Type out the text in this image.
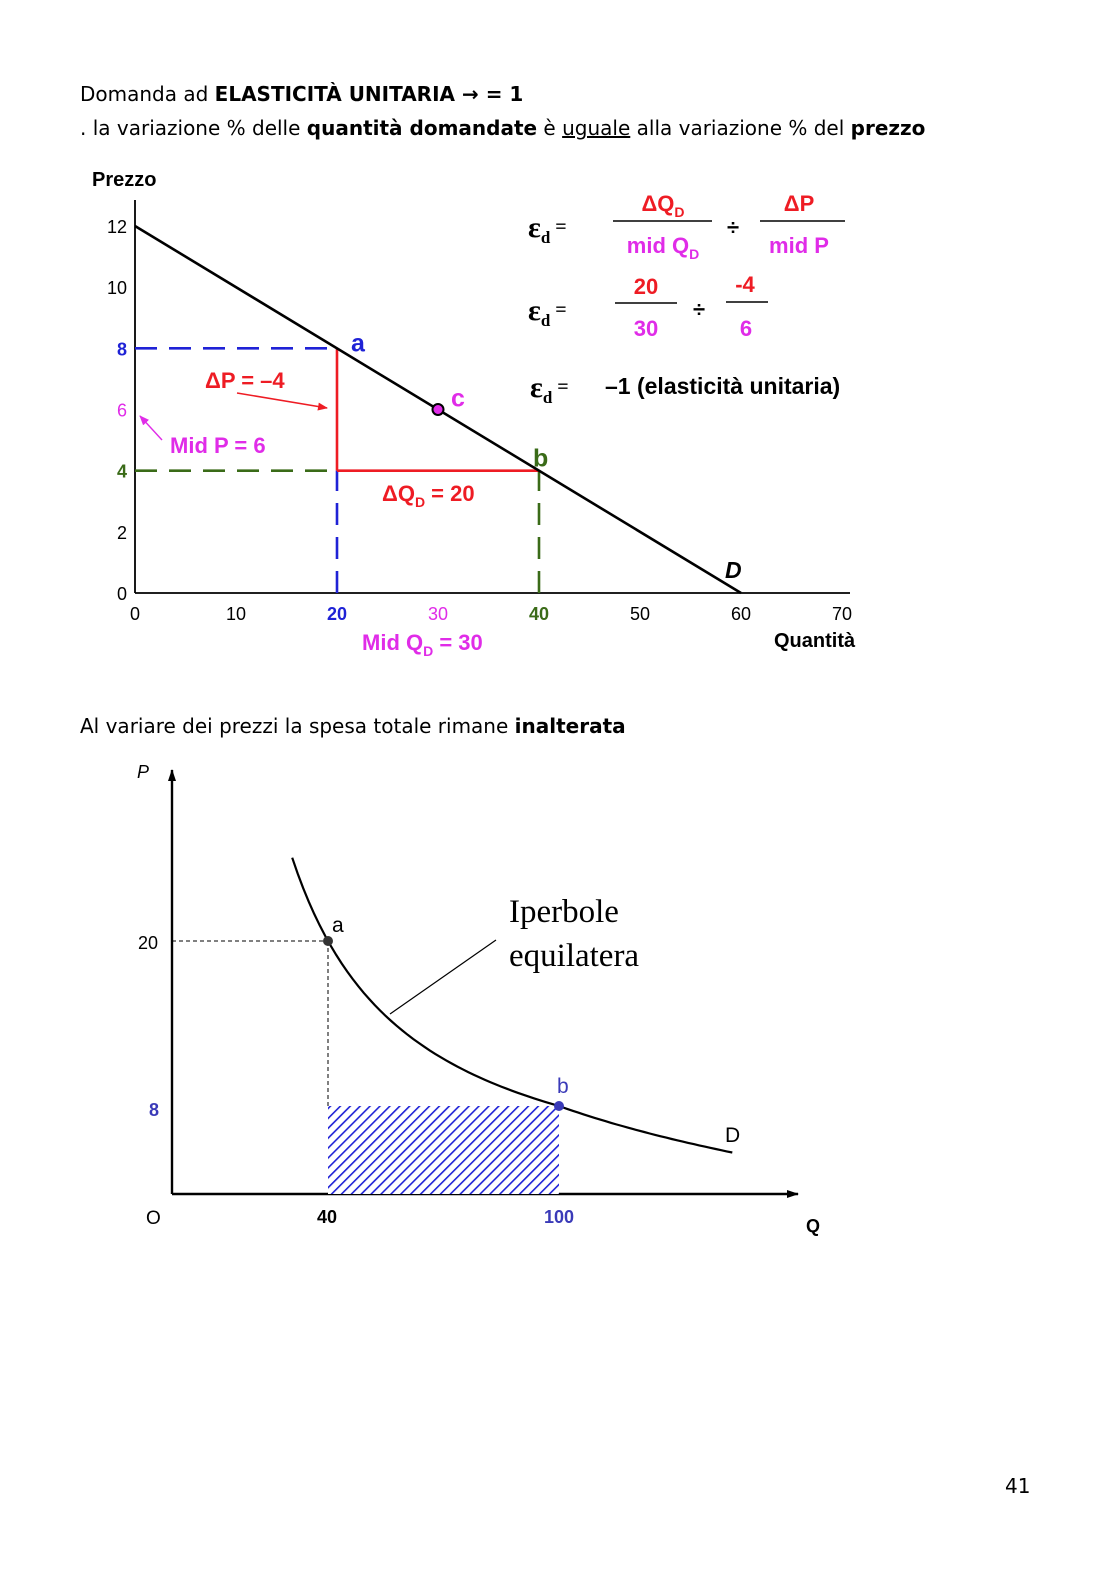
Domanda ad ELASTICITÀ UNITARIA → = 1
. la variazione % delle quantità domandate è uguale alla variazione % del prezzo
Prezzo
Quantità
0	10	20	30	40	50	60	70
0
2
4
6
8
10
12
a
b
c
D
ΔP = –4
$\Delta Q_D = 20$
Mid P = 6
Mid $Q_D = 30$
$\varepsilon_d$ =
$\Delta Q_D$
mid $Q_D$
÷
ΔP
mid P
$\varepsilon_d$ =
20
30
÷
-4
6
$\varepsilon_d$ = –1 (elasticità unitaria)
P
Q
O
a
b
D
20
8
40	100
Iperbole
equilatera
Al variare dei prezzi la spesa totale rimane inalterata
41
